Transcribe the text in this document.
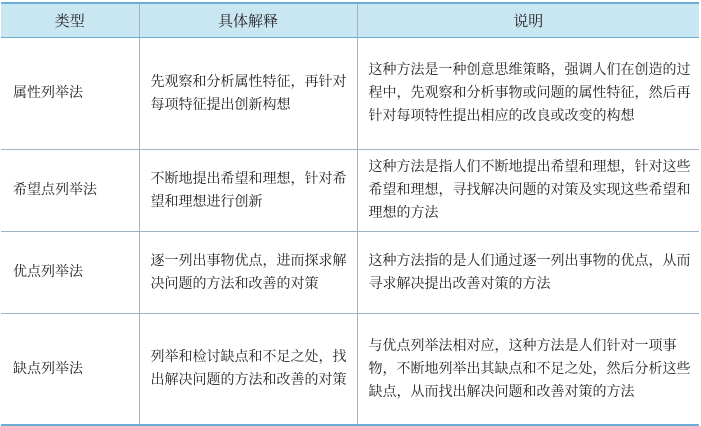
类型	具体解释	说明
属性列举法	先观察和分析属性特征，再针对每项特征提出创新构想	这种方法是一种创意思维策略，强调人们在创造的过程中，先观察和分析事物或问题的属性特征，然后再针对每项特性提出相应的改良或改变的构想
希望点列举法	不断地提出希望和理想，针对希望和理想进行创新	这种方法是指人们不断地提出希望和理想，针对这些希望和理想，寻找解决问题的对策及实现这些希望和理想的方法
优点列举法	逐一列出事物优点，进而探求解决问题的方法和改善的对策	这种方法指的是人们通过逐一列出事物的优点，从而寻求解决提出改善对策的方法
缺点列举法	列举和检讨缺点和不足之处，找出解决问题的方法和改善的对策	与优点列举法相对应，这种方法是人们针对一项事物，不断地列举出其缺点和不足之处，然后分析这些缺点，从而找出解决问题和改善对策的方法
